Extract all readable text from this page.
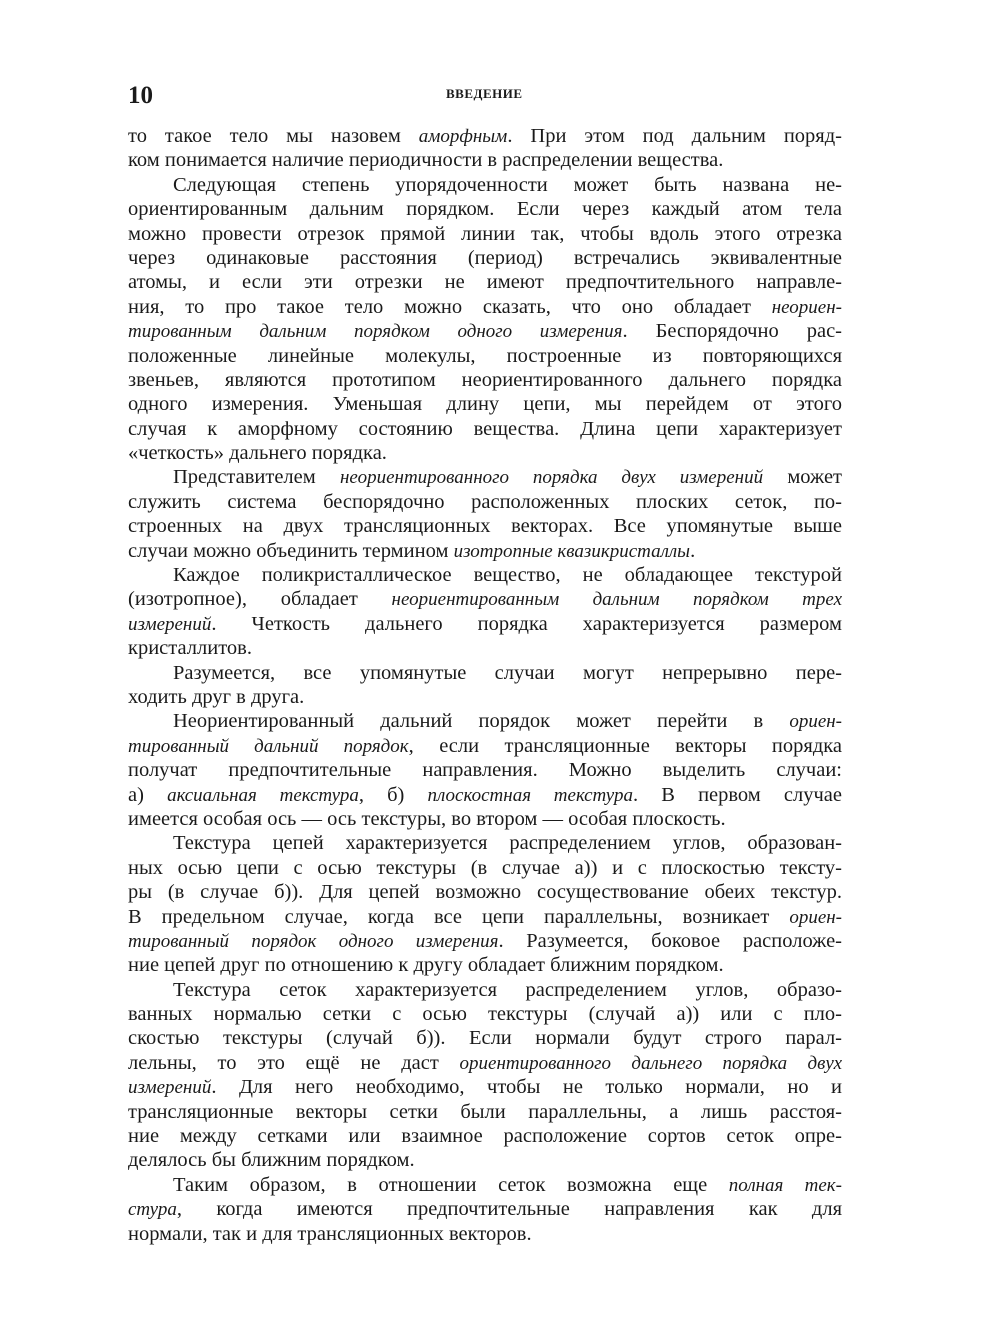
10	ВВЕДЕНИЕ
то такое тело мы назовем аморфным. При этом под дальним поряд-
ком понимается наличие периодичности в распределении вещества.
Следующая степень упорядоченности может быть названа не-
ориентированным дальним порядком. Если через каждый атом тела
можно провести отрезок прямой линии так, чтобы вдоль этого отрезка
через одинаковые расстояния (период) встречались эквивалентные
атомы, и если эти отрезки не имеют предпочтительного направле-
ния, то про такое тело можно сказать, что оно обладает неориен-
тированным дальним порядком одного измерения. Беспорядочно рас-
положенные линейные молекулы, построенные из повторяющихся
звеньев, являются прототипом неориентированного дальнего порядка
одного измерения. Уменьшая длину цепи, мы перейдем от этого
случая к аморфному состоянию вещества. Длина цепи характеризует
«четкость» дальнего порядка.
Представителем неориентированного порядка двух измерений может
служить система беспорядочно расположенных плоских сеток, по-
строенных на двух трансляционных векторах. Все упомянутые выше
случаи можно объединить термином изотропные квазикристаллы.
Каждое поликристаллическое вещество, не обладающее текстурой
(изотропное), обладает неориентированным дальним порядком трех
измерений. Четкость дальнего порядка характеризуется размером
кристаллитов.
Разумеется, все упомянутые случаи могут непрерывно пере-
ходить друг в друга.
Неориентированный дальний порядок может перейти в ориен-
тированный дальний порядок, если трансляционные векторы порядка
получат предпочтительные направления. Можно выделить случаи:
а) аксиальная текстура, б) плоскостная текстура. В первом случае
имеется особая ось — ось текстуры, во втором — особая плоскость.
Текстура цепей характеризуется распределением углов, образован-
ных осью цепи с осью текстуры (в случае а)) и с плоскостью тексту-
ры (в случае б)). Для цепей возможно сосуществование обеих текстур.
В предельном случае, когда все цепи параллельны, возникает ориен-
тированный порядок одного измерения. Разумеется, боковое расположе-
ние цепей друг по отношению к другу обладает ближним порядком.
Текстура сеток характеризуется распределением углов, образо-
ванных нормалью сетки с осью текстуры (случай а)) или с пло-
скостью текстуры (случай б)). Если нормали будут строго парал-
лельны, то это ещё не даст ориентированного дальнего порядка двух
измерений. Для него необходимо, чтобы не только нормали, но и
трансляционные векторы сетки были параллельны, а лишь расстоя-
ние между сетками или взаимное расположение сортов сеток опре-
делялось бы ближним порядком.
Таким образом, в отношении сеток возможна еще полная тек-
стура, когда имеются предпочтительные направления как для
нормали, так и для трансляционных векторов.
